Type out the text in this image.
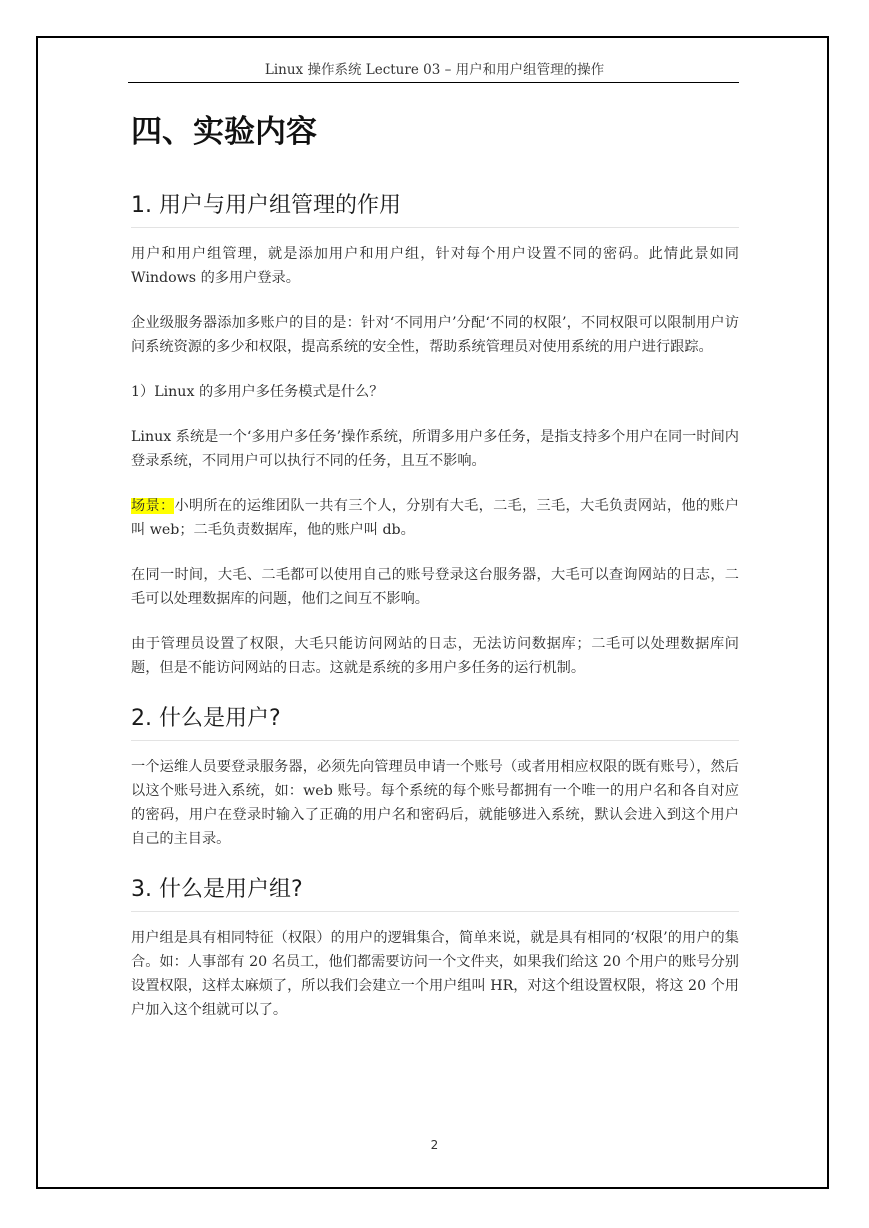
Linux 操作系统 Lecture 03 – 用户和用户组管理的操作
四、实验内容
1. 用户与用户组管理的作用

用户和用户组管理，就是添加用户和用户组，针对每个用户设置不同的密码。此情此景如同 Windows 的多用户登录。

企业级服务器添加多账户的目的是：针对‘不同用户’分配‘不同的权限’，不同权限可以限制用户访问系统资源的多少和权限，提高系统的安全性，帮助系统管理员对使用系统的用户进行跟踪。

1）Linux 的多用户多任务模式是什么？

Linux 系统是一个‘多用户多任务’操作系统，所谓多用户多任务，是指支持多个用户在同一时间内登录系统，不同用户可以执行不同的任务，且互不影响。

场景：小明所在的运维团队一共有三个人，分别有大毛，二毛，三毛，大毛负责网站，他的账户叫 web；二毛负责数据库，他的账户叫 db。

在同一时间，大毛、二毛都可以使用自己的账号登录这台服务器，大毛可以查询网站的日志，二毛可以处理数据库的问题，他们之间互不影响。

由于管理员设置了权限，大毛只能访问网站的日志，无法访问数据库；二毛可以处理数据库问题，但是不能访问网站的日志。这就是系统的多用户多任务的运行机制。

2. 什么是用户?

一个运维人员要登录服务器，必须先向管理员申请一个账号（或者用相应权限的既有账号），然后以这个账号进入系统，如：web 账号。每个系统的每个账号都拥有一个唯一的用户名和各自对应的密码，用户在登录时输入了正确的用户名和密码后，就能够进入系统，默认会进入到这个用户自己的主目录。

3. 什么是用户组?

用户组是具有相同特征（权限）的用户的逻辑集合，简单来说，就是具有相同的‘权限’的用户的集合。如：人事部有 20 名员工，他们都需要访问一个文件夹，如果我们给这 20 个用户的账号分别设置权限，这样太麻烦了，所以我们会建立一个用户组叫 HR，对这个组设置权限，将这 20 个用户加入这个组就可以了。

2
